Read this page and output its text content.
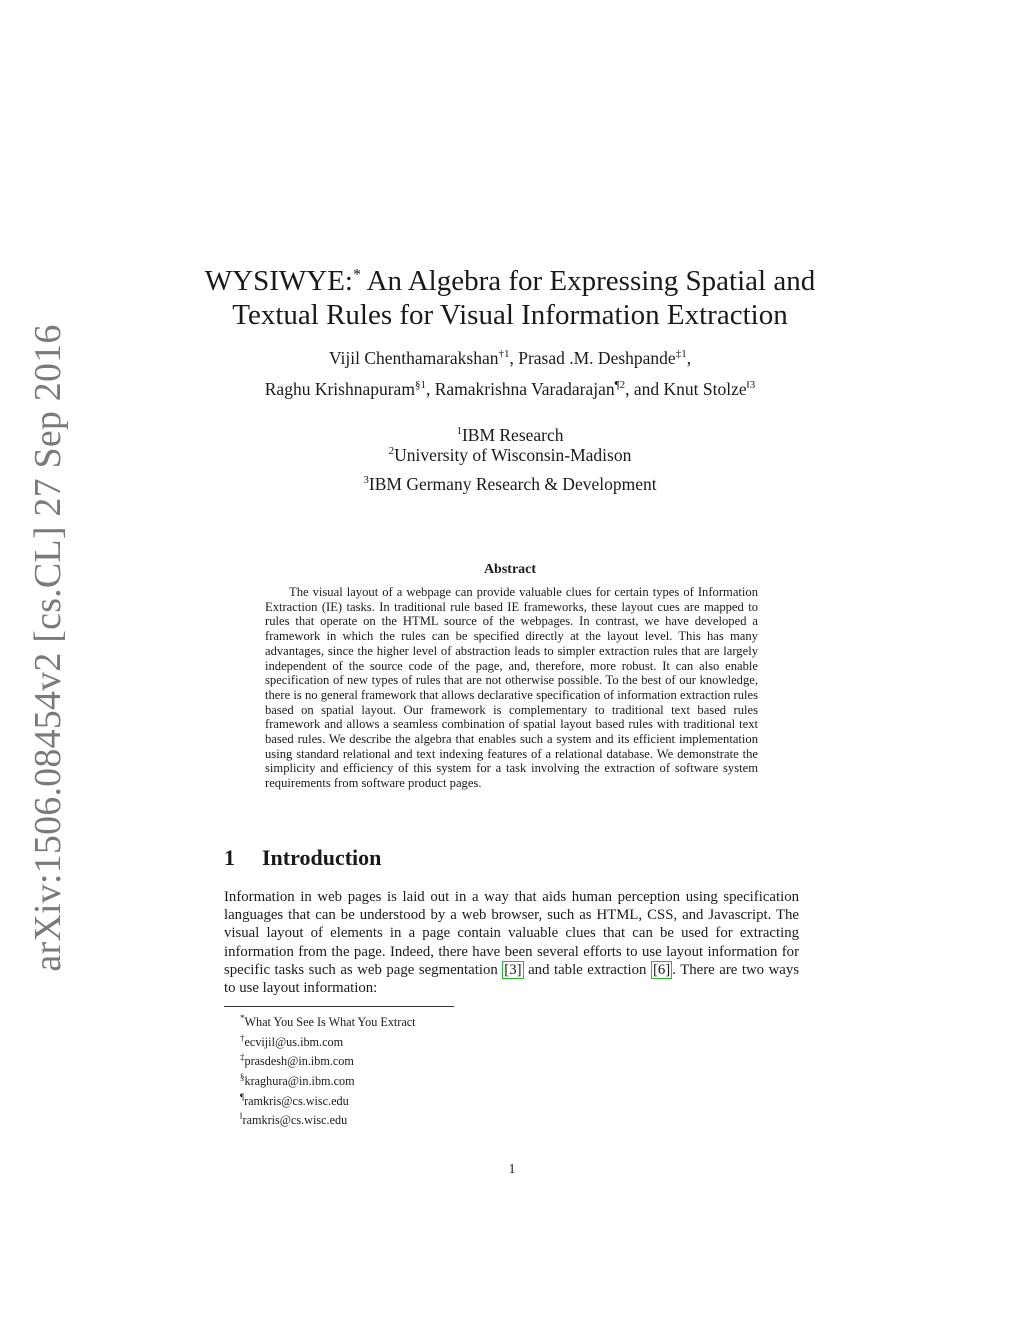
arXiv:1506.08454v2 [cs.CL] 27 Sep 2016
WYSIWYE:* An Algebra for Expressing Spatial and
Textual Rules for Visual Information Extraction

Vijil Chenthamarakshan$^{\dagger 1}$, Prasad .M. Deshpande$^{\ddagger 1}$,

Raghu Krishnapuram$^{\S 1}$, Ramakrishna Varadarajan$^{\P 2}$, and Knut Stolze$^{‖3}$

$^1$IBM Research

$^2$University of Wisconsin-Madison

$^3$IBM Germany Research & Development

Abstract

The visual layout of a webpage can provide valuable clues for certain types of Information Extraction (IE) tasks. In traditional rule based IE frameworks, these layout cues are mapped to rules that operate on the HTML source of the webpages. In contrast, we have developed a framework in which the rules can be specified directly at the layout level. This has many advantages, since the higher level of abstraction leads to simpler extraction rules that are largely independent of the source code of the page, and, therefore, more robust. It can also enable specification of new types of rules that are not otherwise possible. To the best of our knowledge, there is no general framework that allows declarative specification of information extraction rules based on spatial layout. Our framework is complementary to traditional text based rules framework and allows a seamless combination of spatial layout based rules with traditional text based rules. We describe the algebra that enables such a system and its efficient implementation using standard relational and text indexing features of a relational database. We demonstrate the simplicity and efficiency of this system for a task involving the extraction of software system requirements from software product pages.

1 Introduction

Information in web pages is laid out in a way that aids human perception using specification languages that can be understood by a web browser, such as HTML, CSS, and Javascript. The visual layout of elements in a page contain valuable clues that can be used for extracting information from the page. Indeed, there have been several efforts to use layout information for specific tasks such as web page segmentation [3] and table extraction [6] . There are two ways to use layout information:

*What You See Is What You Extract
†ecvijil@us.ibm.com
‡prasdesh@in.ibm.com
§kraghura@in.ibm.com
¶ramkris@cs.wisc.edu
‖ramkris@cs.wisc.edu

1
